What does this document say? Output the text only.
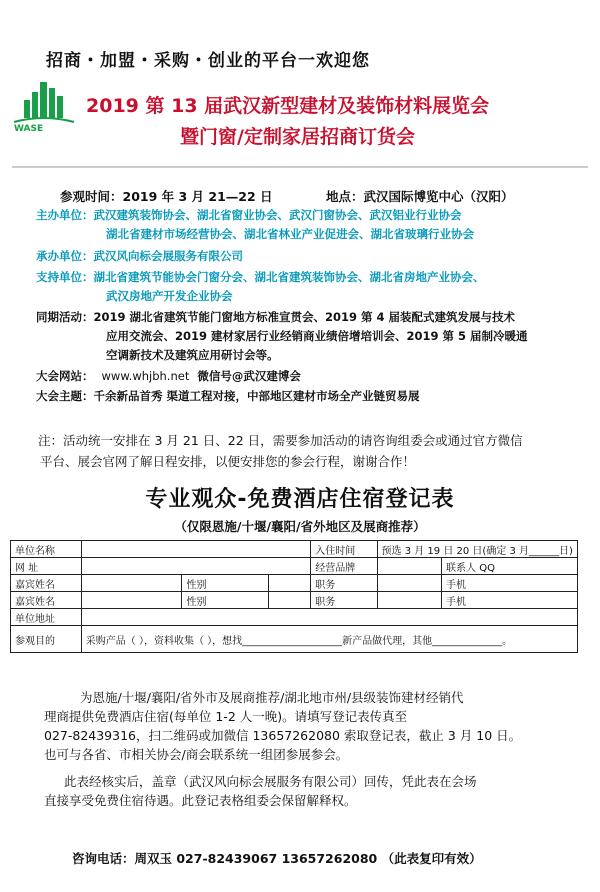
招商・加盟・采购・创业的平台一欢迎您
WASE
2019 第 13 届武汉新型建材及装饰材料展览会
暨门窗/定制家居招商订货会
参观时间：2019 年 3 月 21—22 日	地点：武汉国际博览中心（汉阳）
主办单位：武汉建筑装饰协会、湖北省窗业协会、武汉门窗协会、武汉铝业行业协会
湖北省建材市场经营协会、湖北省林业产业促进会、湖北省玻璃行业协会
承办单位：武汉风向标会展服务有限公司
支持单位：湖北省建筑节能协会门窗分会、湖北省建筑装饰协会、湖北省房地产业协会、
武汉房地产开发企业协会
同期活动：2019 湖北省建筑节能门窗地方标准宣贯会、2019 第 4 届装配式建筑发展与技术
应用交流会、2019 建材家居行业经销商业绩倍增培训会、2019 第 5 届制冷暖通
空调新技术及建筑应用研讨会等。
大会网站： www.whjbh.net 微信号@武汉建博会
大会主题：千余新品首秀 渠道工程对接，中部地区建材市场全产业链贸易展
注：活动统一安排在 3 月 21 日、22 日，需要参加活动的请咨询组委会或通过官方微信
平台、展会官网了解日程安排，以便安排您的参会行程，谢谢合作！
专业观众-免费酒店住宿登记表
（仅限恩施/十堰/襄阳/省外地区及展商推荐）
单位名称				入住时间	预选 3 月 19 日 20 日(确定 3 月______日)	
网 址				经营品牌		联系人 QQ
嘉宾姓名		性别		职务		手机
嘉宾姓名		性别		职务		手机
单位地址						
参观目的	采购产品（ ），资料收集（ ），想找____________________新产品做代理，其他______________。					
为恩施/十堰/襄阳/省外市及展商推荐/湖北地市州/县级装饰建材经销代
理商提供免费酒店住宿(每单位 1-2 人一晚)。请填写登记表传真至
027-82439316，扫二维码或加微信 13657262080 索取登记表，截止 3 月 10 日。
也可与各省、市相关协会/商会联系统一组团参展参会。
此表经核实后，盖章（武汉风向标会展服务有限公司）回传，凭此表在会场
直接享受免费住宿待遇。此登记表格组委会保留解释权。
咨询电话：周双玉 027-82439067 13657262080 （此表复印有效）
